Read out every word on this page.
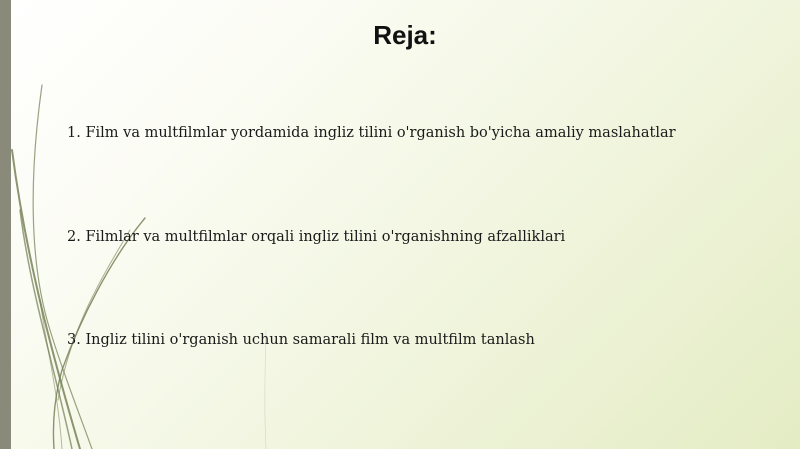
Reja:
1. Film va multfilmlar yordamida ingliz tilini o'rganish bo'yicha amaliy maslahatlar
2. Filmlar va multfilmlar orqali ingliz tilini o'rganishning afzalliklari
3. Ingliz tilini o'rganish uchun samarali film va multfilm tanlash
